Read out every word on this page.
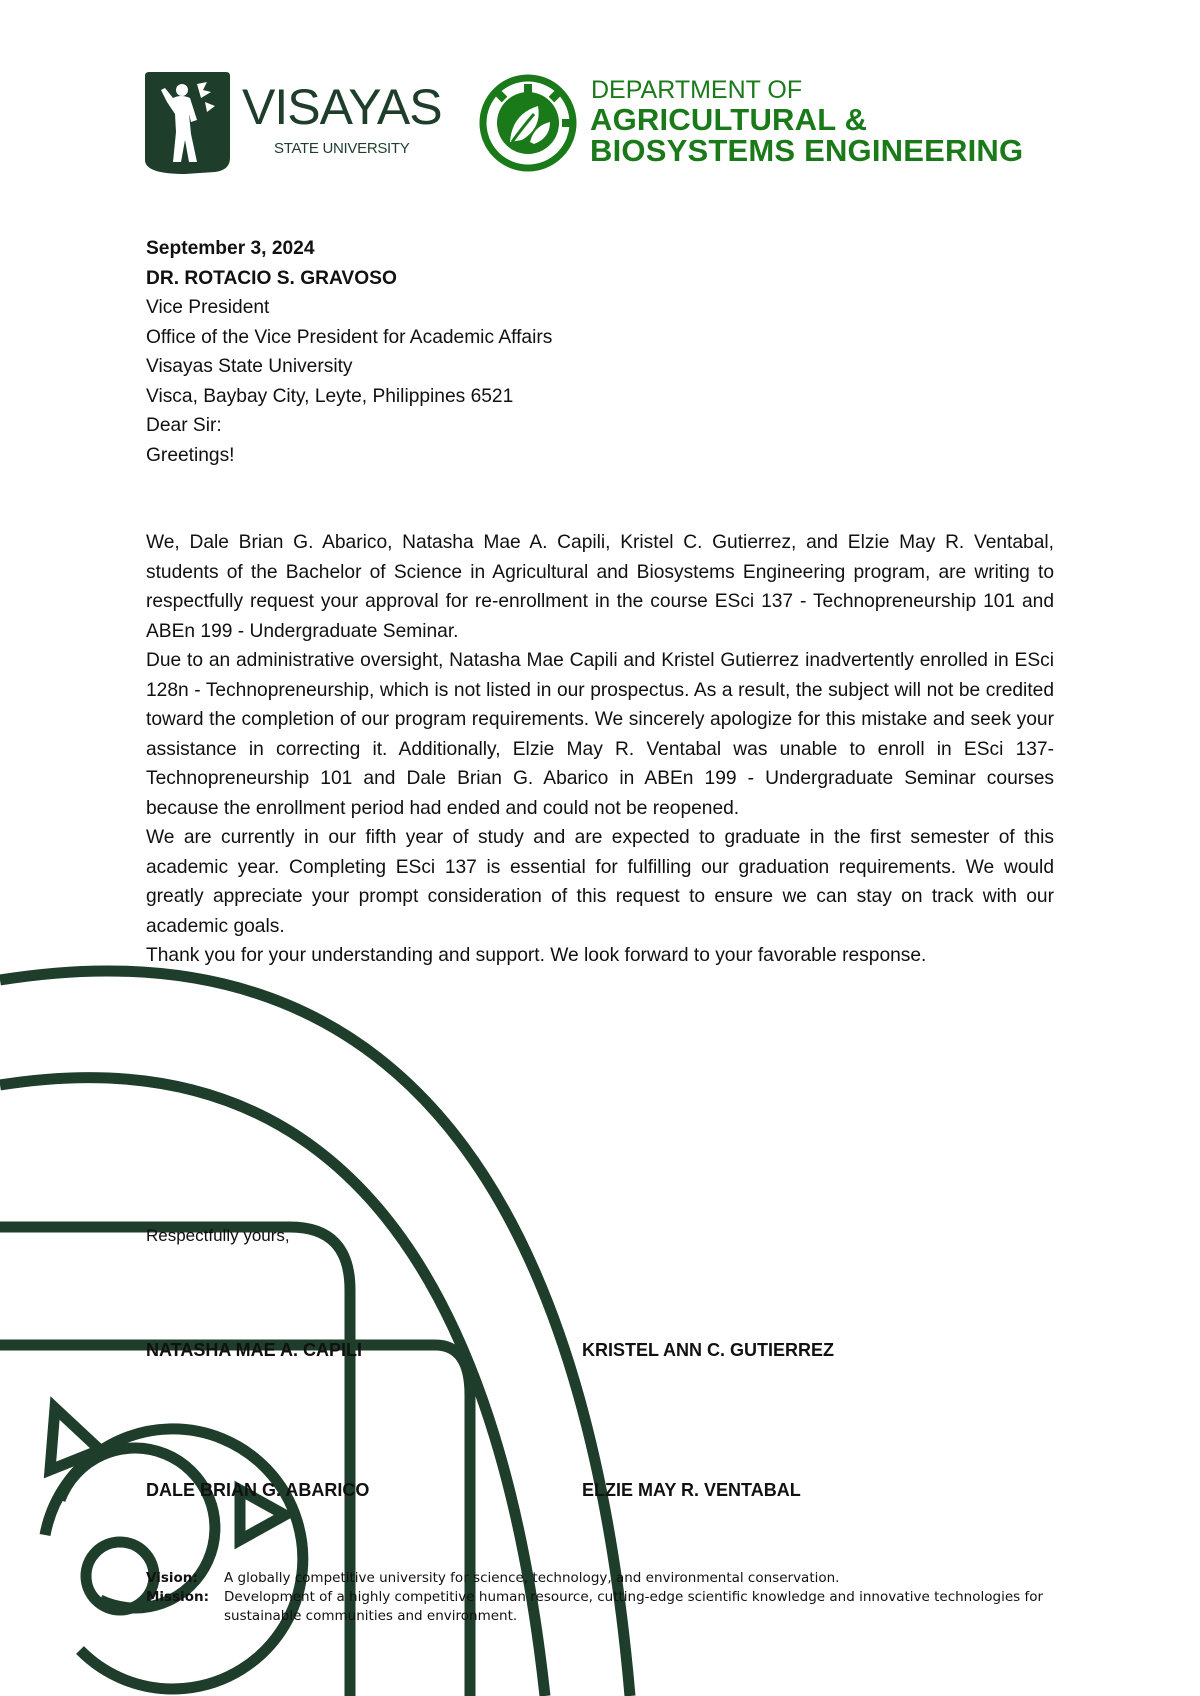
VISAYAS
STATE UNIVERSITY
DEPARTMENT OF
AGRICULTURAL &
BIOSYSTEMS ENGINEERING

September 3, 2024

DR. ROTACIO S. GRAVOSO

Vice President

Office of the Vice President for Academic Affairs

Visayas State University

Visca, Baybay City, Leyte, Philippines 6521

Dear Sir:

Greetings!

We, Dale Brian G. Abarico, Natasha Mae A. Capili, Kristel C. Gutierrez, and Elzie May R. Ventabal, students of the Bachelor of Science in Agricultural and Biosystems Engineering program, are writing to respectfully request your approval for re-enrollment in the course ESci 137 - Technopreneurship 101 and ABEn 199 - Undergraduate Seminar.

Due to an administrative oversight, Natasha Mae Capili and Kristel Gutierrez inadvertently enrolled in ESci 128n - Technopreneurship, which is not listed in our prospectus. As a result, the subject will not be credited toward the completion of our program requirements. We sincerely apologize for this mistake and seek your assistance in correcting it. Additionally, Elzie May R. Ventabal was unable to enroll in ESci 137- Technopreneurship 101 and Dale Brian G. Abarico in ABEn 199 - Undergraduate Seminar courses because the enrollment period had ended and could not be reopened.

We are currently in our fifth year of study and are expected to graduate in the first semester of this academic year. Completing ESci 137 is essential for fulfilling our graduation requirements. We would greatly appreciate your prompt consideration of this request to ensure we can stay on track with our academic goals.

Thank you for your understanding and support. We look forward to your favorable response.

Respectfully yours,
NATASHA MAE A. CAPILI	KRISTEL ANN C. GUTIERREZ
DALE BRIAN G. ABARICO	ELZIE MAY R. VENTABAL
Vision:	A globally competitive university for science, technology, and environmental conservation.
Mission:	Development of a highly competitive human resource, cutting-edge scientific knowledge and innovative technologies for sustainable communities and environment.
